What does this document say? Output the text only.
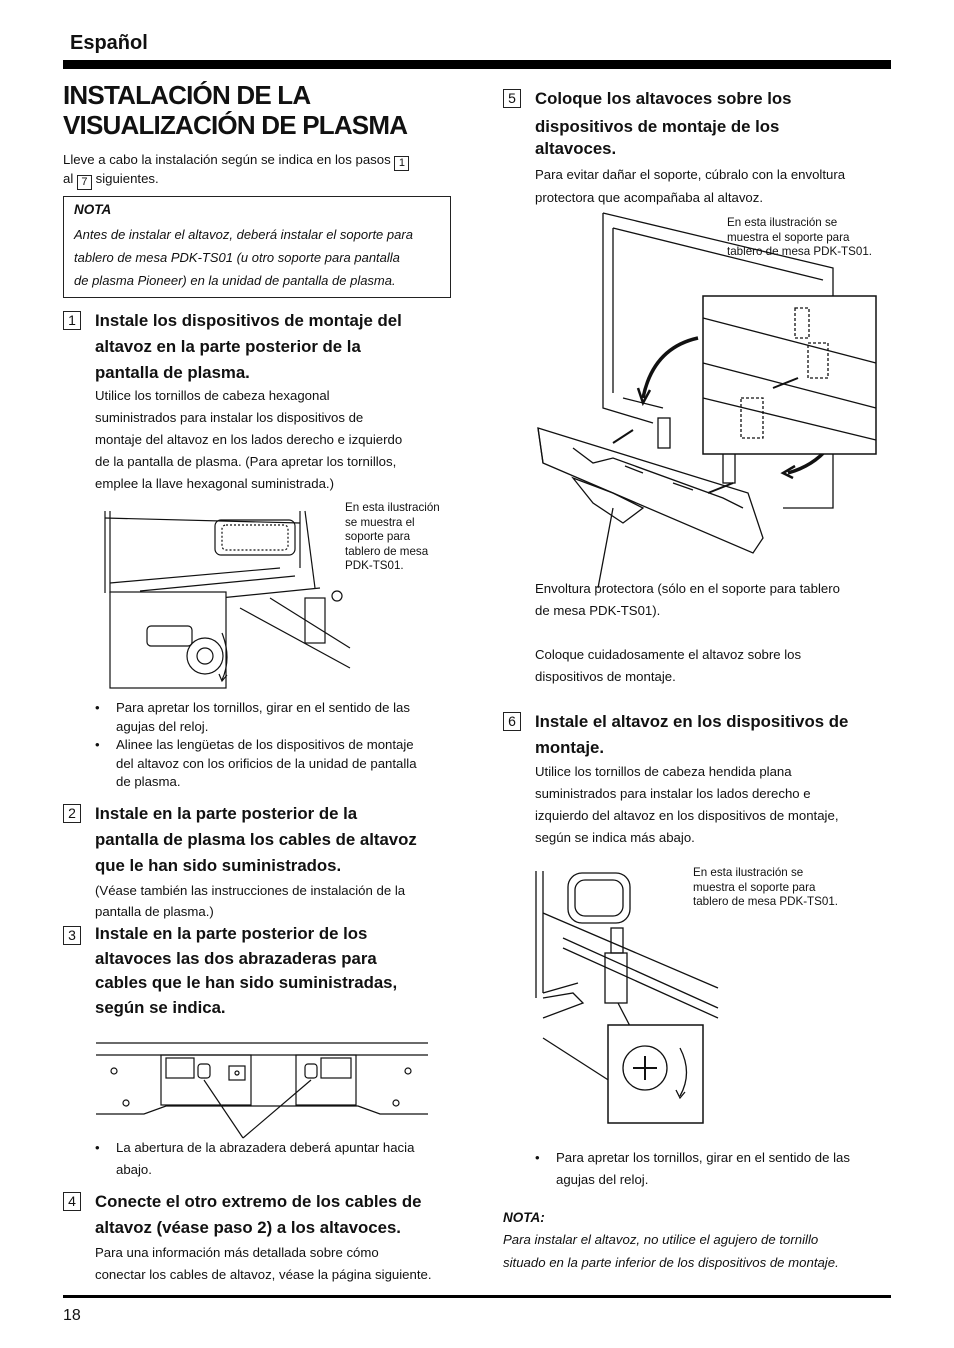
Español
INSTALACIÓN DE LA
VISUALIZACIÓN DE PLASMA
Lleve a cabo la instalación según se indica en los pasos 1
al 7 siguientes.
NOTA
Antes de instalar el altavoz, deberá instalar el soporte para
tablero de mesa PDK-TS01 (u otro soporte para pantalla
de plasma Pioneer) en la unidad de pantalla de plasma.
1	Instale los dispositivos de montaje del
altavoz en la parte posterior de la
pantalla de plasma.
Utilice los tornillos de cabeza hexagonal
suministrados para instalar los dispositivos de
montaje del altavoz en los lados derecho e izquierdo
de la pantalla de plasma. (Para apretar los tornillos,
emplee la llave hexagonal suministrada.)
En esta ilustración
se muestra el
soporte para
tablero de mesa
PDK-TS01.
• Para apretar los tornillos, girar en el sentido de las
agujas del reloj.
• Alinee las lengüetas de los dispositivos de montaje
del altavoz con los orificios de la unidad de pantalla
de plasma.
2	Instale en la parte posterior de la
pantalla de plasma los cables de altavoz
que le han sido suministrados.
(Véase también las instrucciones de instalación de la
pantalla de plasma.)
3	Instale en la parte posterior de los
altavoces las dos abrazaderas para
cables que le han sido suministradas,
según se indica.
• La abertura de la abrazadera deberá apuntar hacia
abajo.
4	Conecte el otro extremo de los cables de
altavoz (véase paso 2) a los altavoces.
Para una información más detallada sobre cómo
conectar los cables de altavoz, véase la página siguiente.
5	Coloque los altavoces sobre los
dispositivos de montaje de los
altavoces.
Para evitar dañar el soporte, cúbralo con la envoltura
protectora que acompañaba al altavoz.
En esta ilustración se
muestra el soporte para
tablero de mesa PDK-TS01.
Envoltura protectora (sólo en el soporte para tablero
de mesa PDK-TS01).
Coloque cuidadosamente el altavoz sobre los
dispositivos de montaje.
6	Instale el altavoz en los dispositivos de
montaje.
Utilice los tornillos de cabeza hendida plana
suministrados para instalar los lados derecho e
izquierdo del altavoz en los dispositivos de montaje,
según se indica más abajo.
En esta ilustración se
muestra el soporte para
tablero de mesa PDK-TS01.
• Para apretar los tornillos, girar en el sentido de las
agujas del reloj.
NOTA:
Para instalar el altavoz, no utilice el agujero de tornillo
situado en la parte inferior de los dispositivos de montaje.
18
